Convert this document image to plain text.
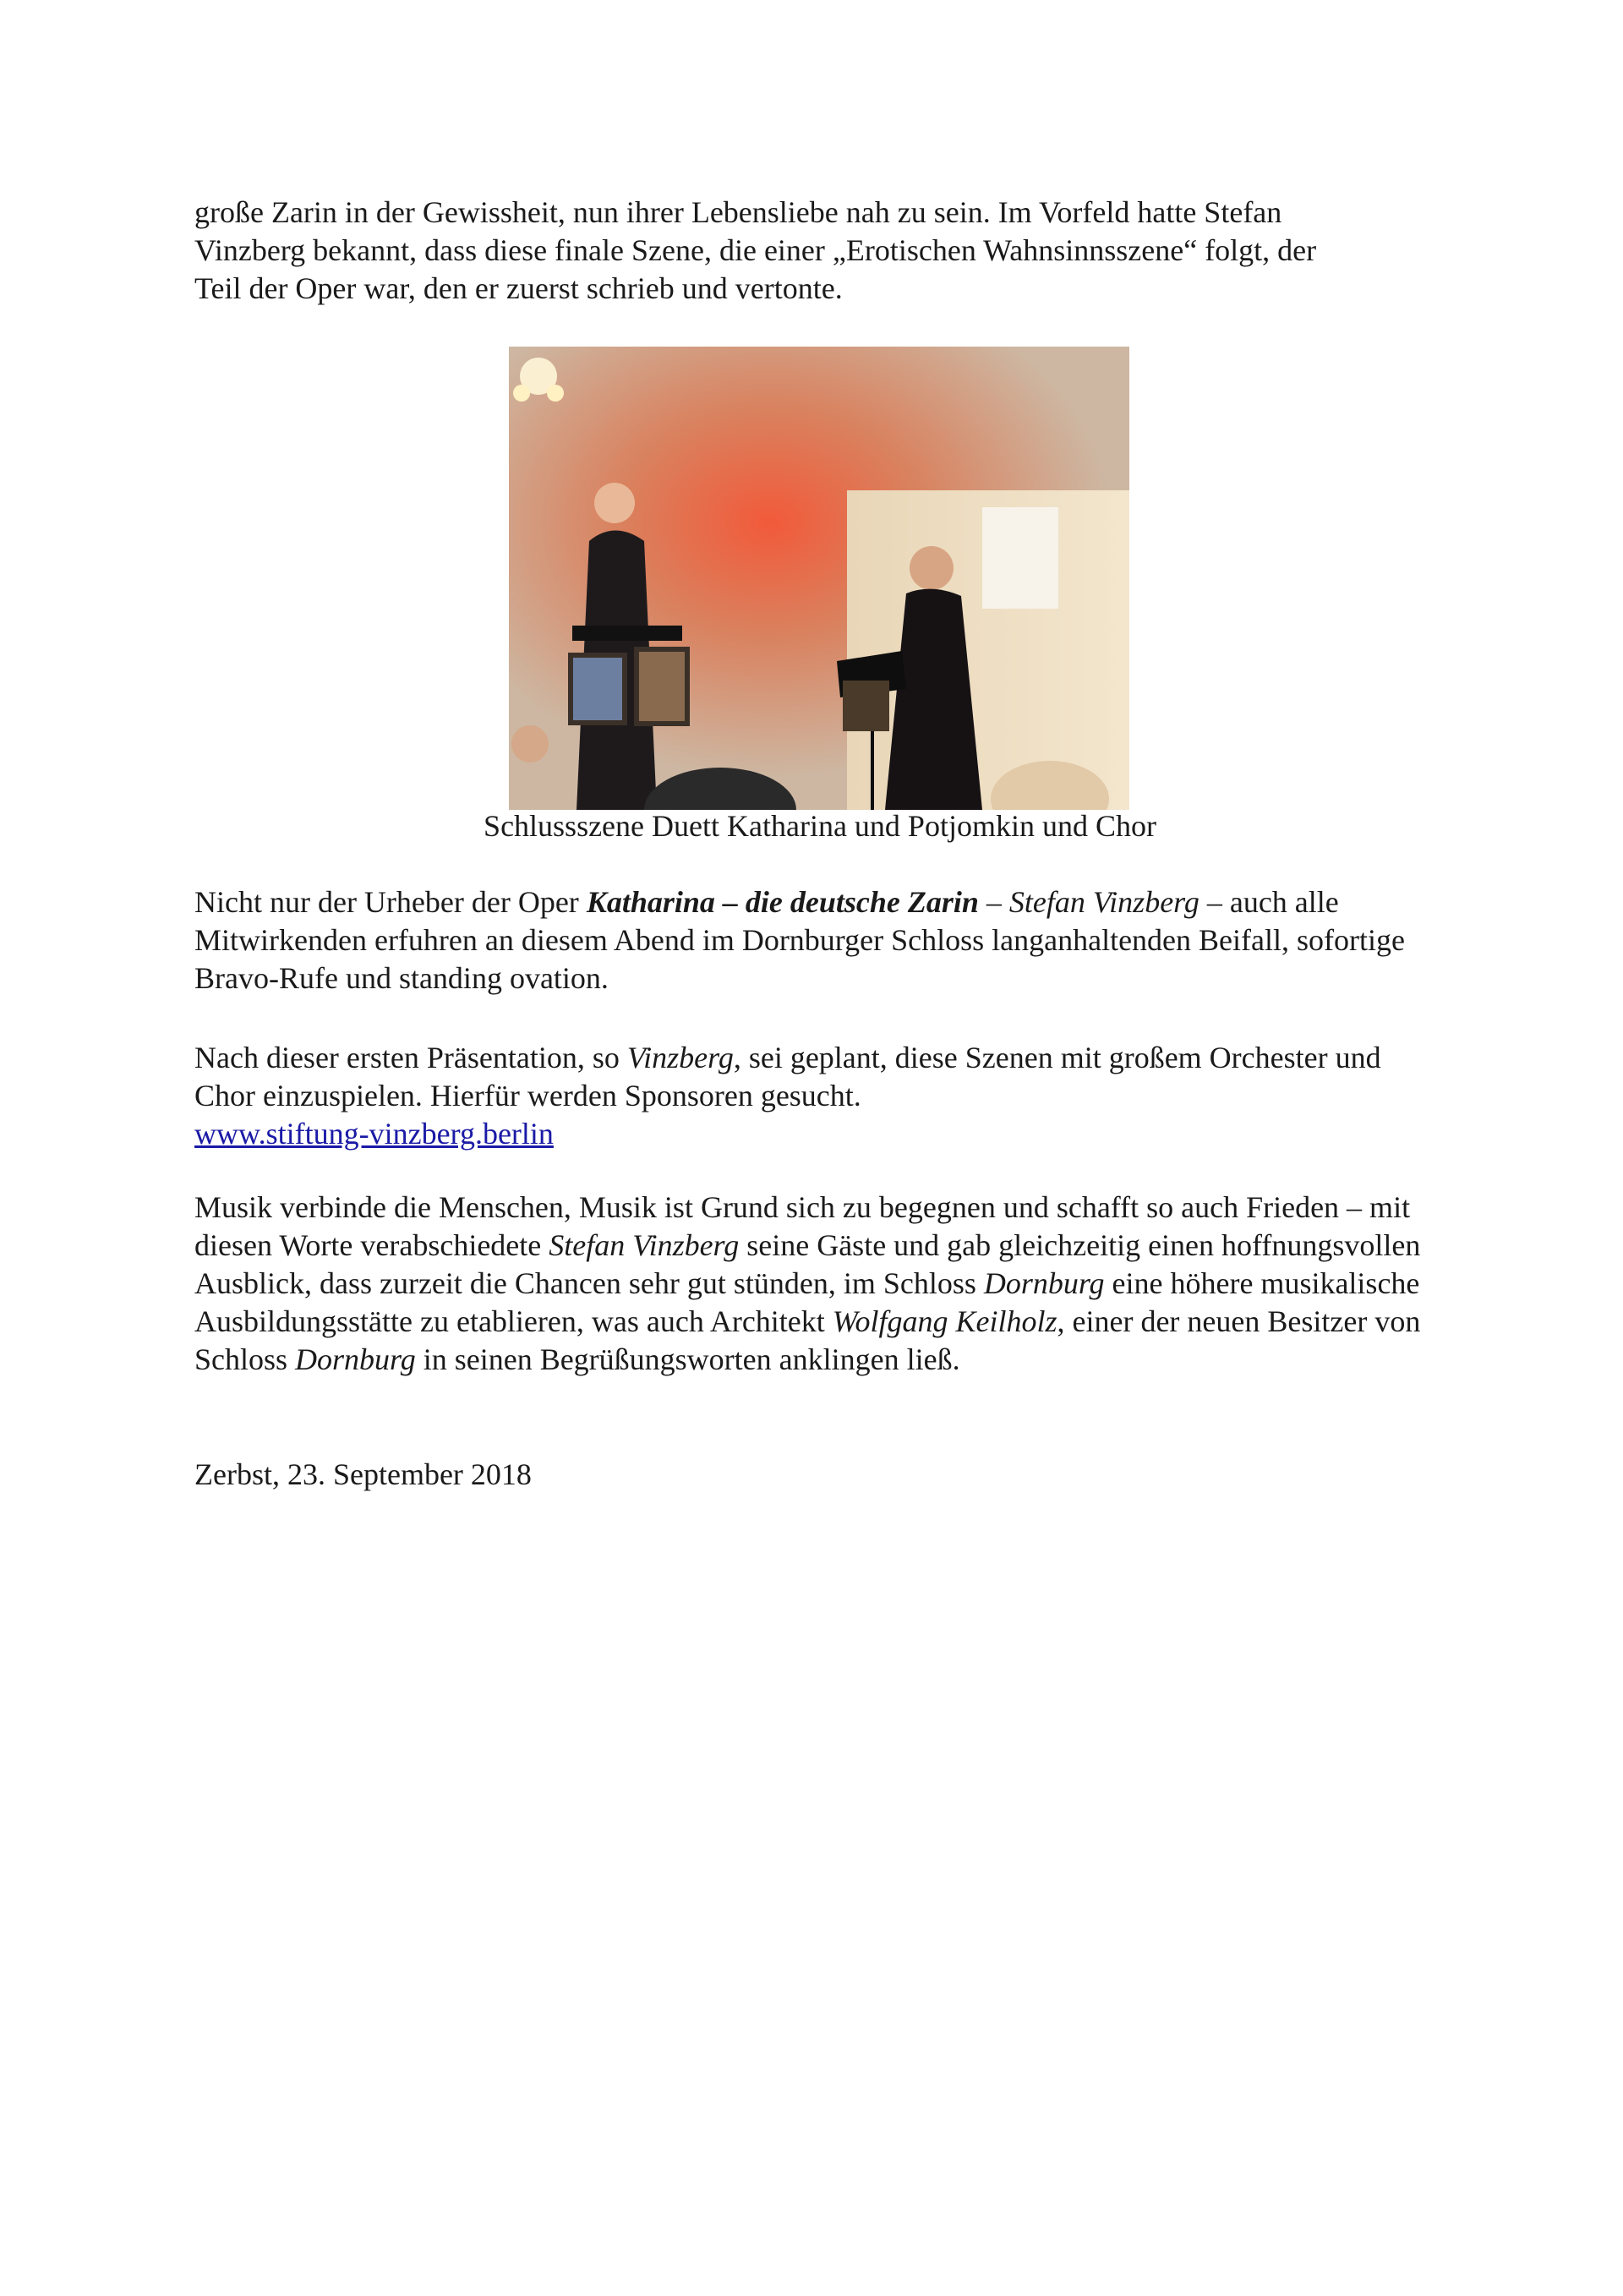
große Zarin in der Gewissheit, nun ihrer Lebensliebe nah zu sein. Im Vorfeld hatte Stefan

Vinzberg bekannt, dass diese finale Szene, die einer „Erotischen Wahnsinnsszene“ folgt, der

Teil der Oper war, den er zuerst schrieb und vertonte.

Schlussszene Duett Katharina und Potjomkin und Chor
Nicht nur der Urheber der Oper Katharina – die deutsche Zarin – Stefan Vinzberg – auch alle Mitwirkenden erfuhren an diesem Abend im Dornburger Schloss langanhaltenden Beifall, sofortige Bravo-Rufe und standing ovation.
Nach dieser ersten Präsentation, so Vinzberg, sei geplant, diese Szenen mit großem Orchester und Chor einzuspielen. Hierfür werden Sponsoren gesucht.
www.stiftung-vinzberg.berlin
Musik verbinde die Menschen, Musik ist Grund sich zu begegnen und schafft so auch Frieden – mit diesen Worte verabschiedete Stefan Vinzberg seine Gäste und gab gleichzeitig einen hoffnungsvollen Ausblick, dass zurzeit die Chancen sehr gut stünden, im Schloss Dornburg eine höhere musikalische Ausbildungsstätte zu etablieren, was auch Architekt Wolfgang Keilholz, einer der neuen Besitzer von Schloss Dornburg in seinen Begrüßungsworten anklingen ließ.
Zerbst, 23. September 2018
